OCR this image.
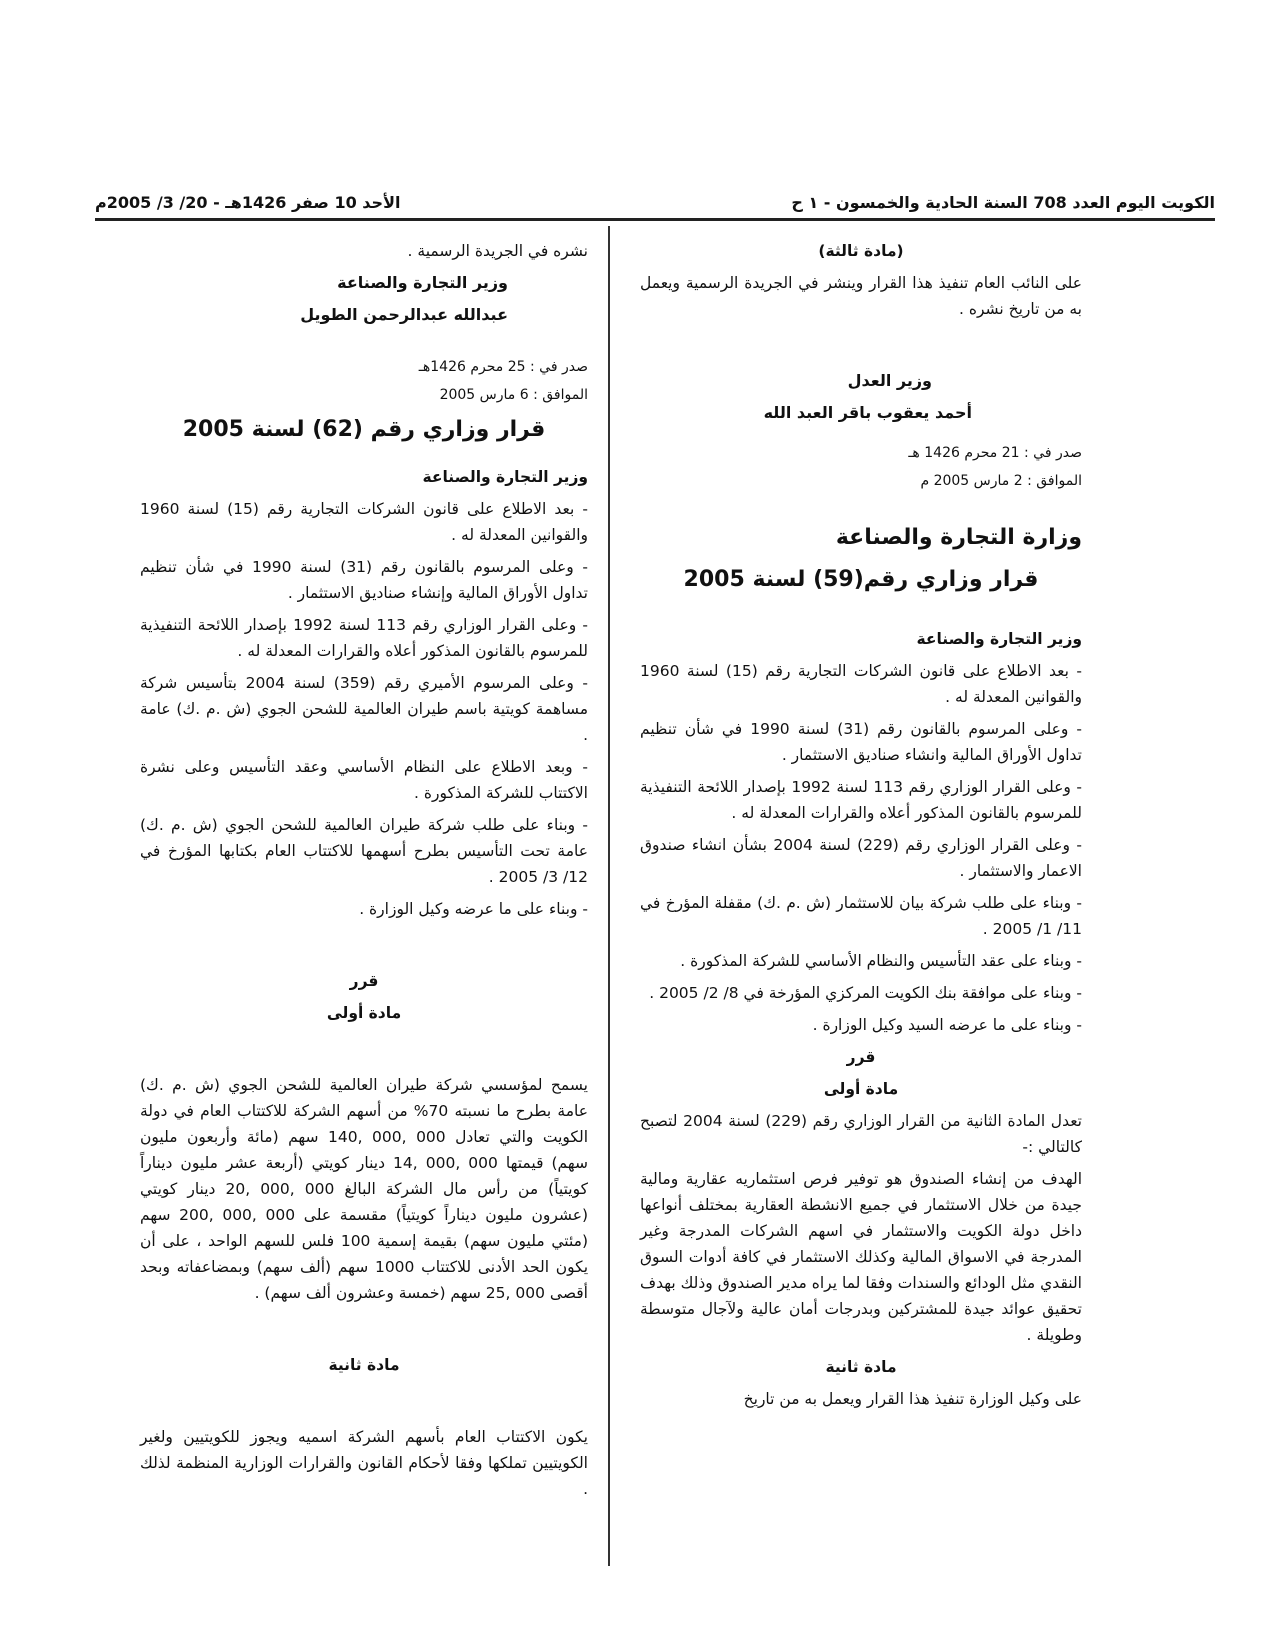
الكويت اليوم العدد 708 السنة الحادية والخمسون - ١ ح
الأحد 10 صفر 1426هـ - 20/ 3/ 2005م

(مادة ثالثة)

على النائب العام تنفيذ هذا القرار وينشر في الجريدة الرسمية ويعمل به من تاريخ نشره .

وزير العدل

أحمد يعقوب باقر العبد الله

صدر في : 21 محرم 1426 هـ

الموافق : 2 مارس 2005 م

وزارة التجارة والصناعة

قرار وزاري رقم(59) لسنة 2005

وزير التجارة والصناعة

- بعد الاطلاع على قانون الشركات التجارية رقم (15) لسنة 1960 والقوانين المعدلة له .

- وعلى المرسوم بالقانون رقم (31) لسنة 1990 في شأن تنظيم تداول الأوراق المالية وانشاء صناديق الاستثمار .

- وعلى القرار الوزاري رقم 113 لسنة 1992 بإصدار اللائحة التنفيذية للمرسوم بالقانون المذكور أعلاه والقرارات المعدلة له .

- وعلى القرار الوزاري رقم (229) لسنة 2004 بشأن انشاء صندوق الاعمار والاستثمار .

- وبناء على طلب شركة بيان للاستثمار (ش .م .ك) مقفلة المؤرخ في 11/ 1/ 2005 .

- وبناء على عقد التأسيس والنظام الأساسي للشركة المذكورة .

- وبناء على موافقة بنك الكويت المركزي المؤرخة في 8/ 2/ 2005 .

- وبناء على ما عرضه السيد وكيل الوزارة .

قرر

مادة أولى

تعدل المادة الثانية من القرار الوزاري رقم (229) لسنة 2004 لتصبح كالتالي :-

الهدف من إنشاء الصندوق هو توفير فرص استثماريه عقارية ومالية جيدة من خلال الاستثمار في جميع الانشطة العقارية بمختلف أنواعها داخل دولة الكويت والاستثمار في اسهم الشركات المدرجة وغير المدرجة في الاسواق المالية وكذلك الاستثمار في كافة أدوات السوق النقدي مثل الودائع والسندات وفقا لما يراه مدير الصندوق وذلك بهدف تحقيق عوائد جيدة للمشتركين وبدرجات أمان عالية ولآجال متوسطة وطويلة .

مادة ثانية

على وكيل الوزارة تنفيذ هذا القرار ويعمل به من تاريخ

نشره في الجريدة الرسمية .

وزير التجارة والصناعة

عبدالله عبدالرحمن الطويل

صدر في : 25 محرم 1426هـ

الموافق : 6 مارس 2005

قرار وزاري رقم (62) لسنة 2005

وزير التجارة والصناعة

- بعد الاطلاع على قانون الشركات التجارية رقم (15) لسنة 1960 والقوانين المعدلة له .

- وعلى المرسوم بالقانون رقم (31) لسنة 1990 في شأن تنظيم تداول الأوراق المالية وإنشاء صناديق الاستثمار .

- وعلى القرار الوزاري رقم 113 لسنة 1992 بإصدار اللائحة التنفيذية للمرسوم بالقانون المذكور أعلاه والقرارات المعدلة له .

- وعلى المرسوم الأميري رقم (359) لسنة 2004 بتأسيس شركة مساهمة كويتية باسم طيران العالمية للشحن الجوي (ش .م .ك) عامة .

- وبعد الاطلاع على النظام الأساسي وعقد التأسيس وعلى نشرة الاكتتاب للشركة المذكورة .

- وبناء على طلب شركة طيران العالمية للشحن الجوي (ش .م .ك) عامة تحت التأسيس بطرح أسهمها للاكتتاب العام بكتابها المؤرخ في 12/ 3/ 2005 .

- وبناء على ما عرضه وكيل الوزارة .

قرر

مادة أولى

يسمح لمؤسسي شركة طيران العالمية للشحن الجوي (ش .م .ك) عامة بطرح ما نسبته 70% من أسهم الشركة للاكتتاب العام في دولة الكويت والتي تعادل 000 ,000 ,140 سهم (مائة وأربعون مليون سهم) قيمتها 000 ,000 ,14 دينار كويتي (أربعة عشر مليون ديناراً كويتياً) من رأس مال الشركة البالغ 000 ,000 ,20 دينار كويتي (عشرون مليون ديناراً كويتياً) مقسمة على 000 ,000 ,200 سهم (مئتي مليون سهم) بقيمة إسمية 100 فلس للسهم الواحد ، على أن يكون الحد الأدنى للاكتتاب 1000 سهم (ألف سهم) وبمضاعفاته وبحد أقصى 000 ,25 سهم (خمسة وعشرون ألف سهم) .

مادة ثانية

يكون الاكتتاب العام بأسهم الشركة اسميه ويجوز للكويتيين ولغير الكويتيين تملكها وفقا لأحكام القانون والقرارات الوزارية المنظمة لذلك .
